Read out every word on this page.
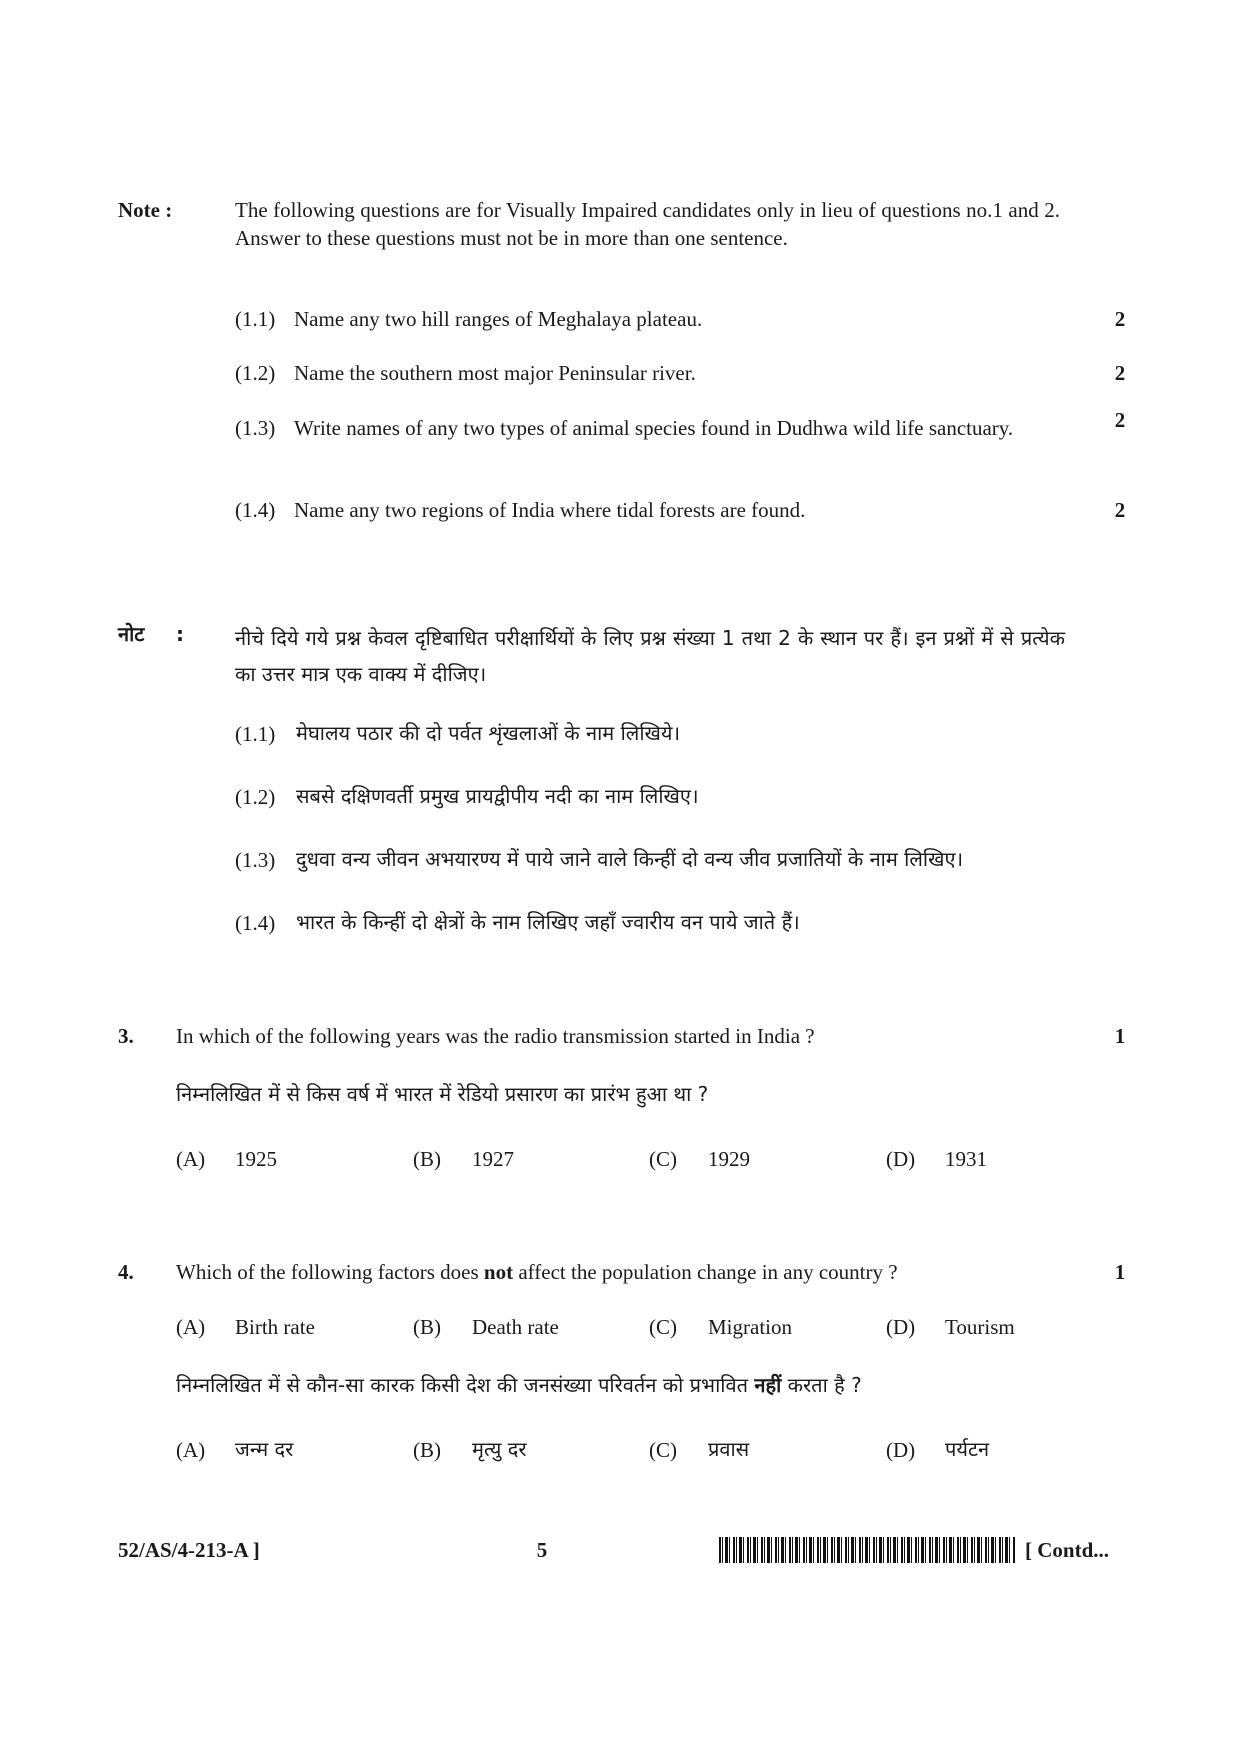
Note :	The following questions are for Visually Impaired candidates only in lieu of questions no.1 and 2. Answer to these questions must not be in more than one sentence.
(1.1) Name any two hill ranges of Meghalaya plateau.	2
(1.2) Name the southern most major Peninsular river.	2
(1.3) Write names of any two types of animal species found in Dudhwa wild life sanctuary.	2
(1.4) Name any two regions of India where tidal forests are found.	2
नोट :	नीचे दिये गये प्रश्न केवल दृष्टिबाधित परीक्षार्थियों के लिए प्रश्न संख्या 1 तथा 2 के स्थान पर हैं। इन प्रश्नों में से प्रत्येक का उत्तर मात्र एक वाक्य में दीजिए।
(1.1) मेघालय पठार की दो पर्वत शृंखलाओं के नाम लिखिये।
(1.2) सबसे दक्षिणवर्ती प्रमुख प्रायद्वीपीय नदी का नाम लिखिए।
(1.3) दुधवा वन्य जीवन अभयारण्य में पाये जाने वाले किन्हीं दो वन्य जीव प्रजातियों के नाम लिखिए।
(1.4) भारत के किन्हीं दो क्षेत्रों के नाम लिखिए जहाँ ज्वारीय वन पाये जाते हैं।
3. In which of the following years was the radio transmission started in India ?	1
निम्नलिखित में से किस वर्ष में भारत में रेडियो प्रसारण का प्रारंभ हुआ था ?
(A) 1925	(B) 1927	(C) 1929	(D) 1931
4. Which of the following factors does not affect the population change in any country ?	1
(A) Birth rate	(B) Death rate	(C) Migration	(D) Tourism
निम्नलिखित में से कौन-सा कारक किसी देश की जनसंख्या परिवर्तन को प्रभावित नहीं करता है ?
(A) जन्म दर	(B) मृत्यु दर	(C) प्रवास	(D) पर्यटन
52/AS/4-213-A ]	5	[ Contd...
